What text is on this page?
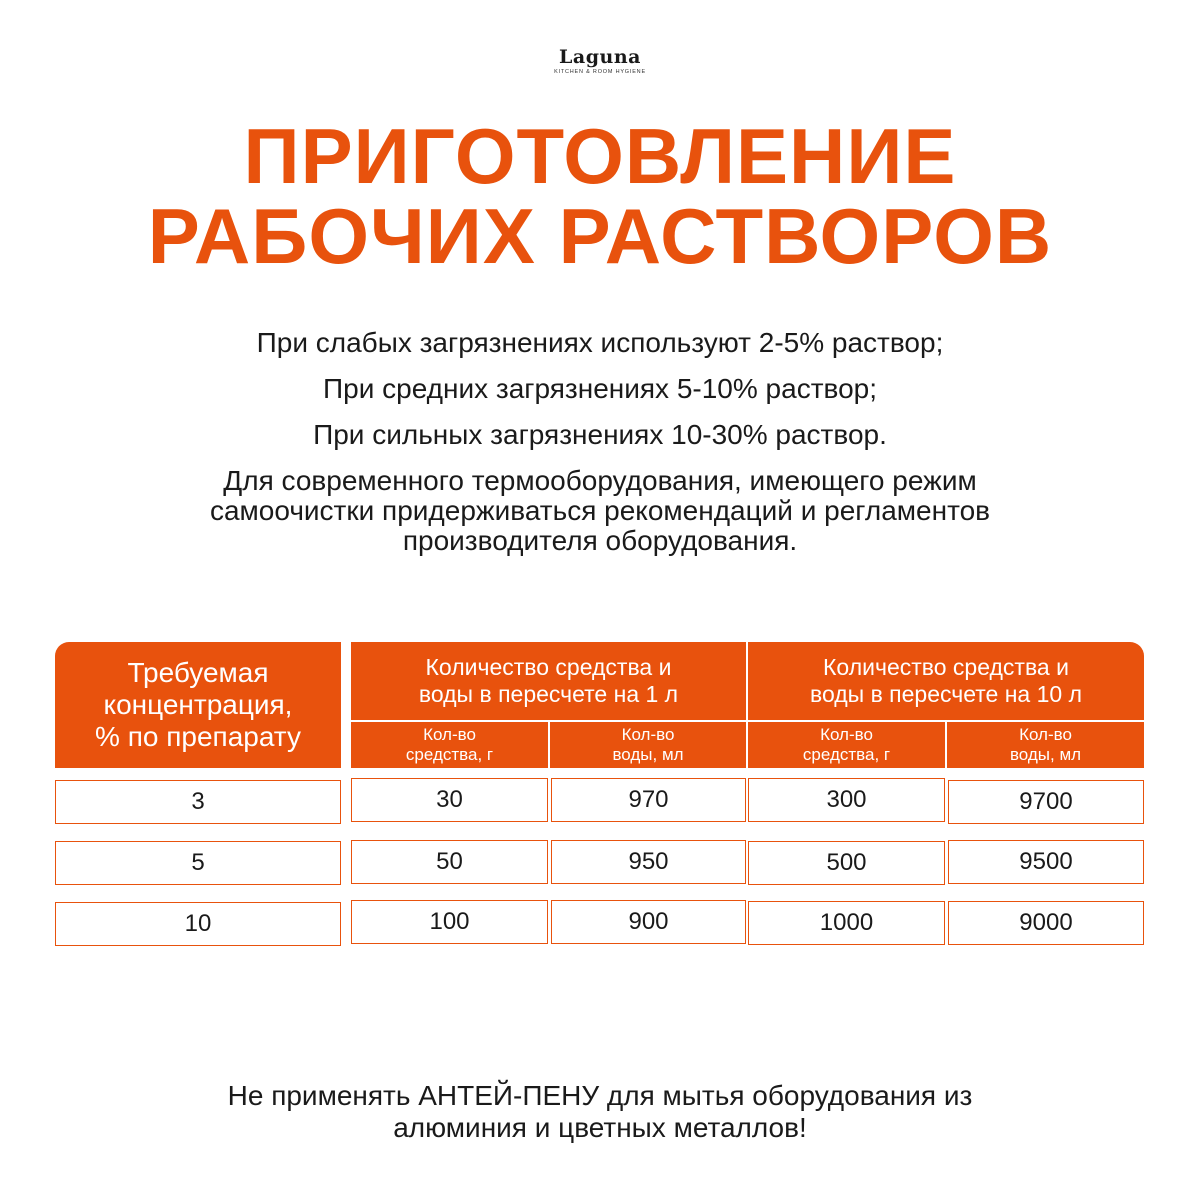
Laguna
KITCHEN & ROOM HYGIENE
ПРИГОТОВЛЕНИЕ
РАБОЧИХ РАСТВОРОВ

При слабых загрязнениях используют 2-5% раствор;

При средних загрязнениях 5-10% раствор;

При сильных загрязнениях 10-30% раствор.

Для современного термооборудования, имеющего режим
самоочистки придерживаться рекомендаций и регламентов
производителя оборудования.

Требуемая
концентрация,
% по препарату
Количество средства и
воды в пересчете на 1 л
Количество средства и
воды в пересчете на 10 л
Кол-во
средства, г
Кол-во
воды, мл
Кол-во
средства, г
Кол-во
воды, мл
3	30	970	300	9700
5	50	950	500	9500
10	100	900	1000	9000
Не применять АНТЕЙ-ПЕНУ для мытья оборудования из
алюминия и цветных металлов!
